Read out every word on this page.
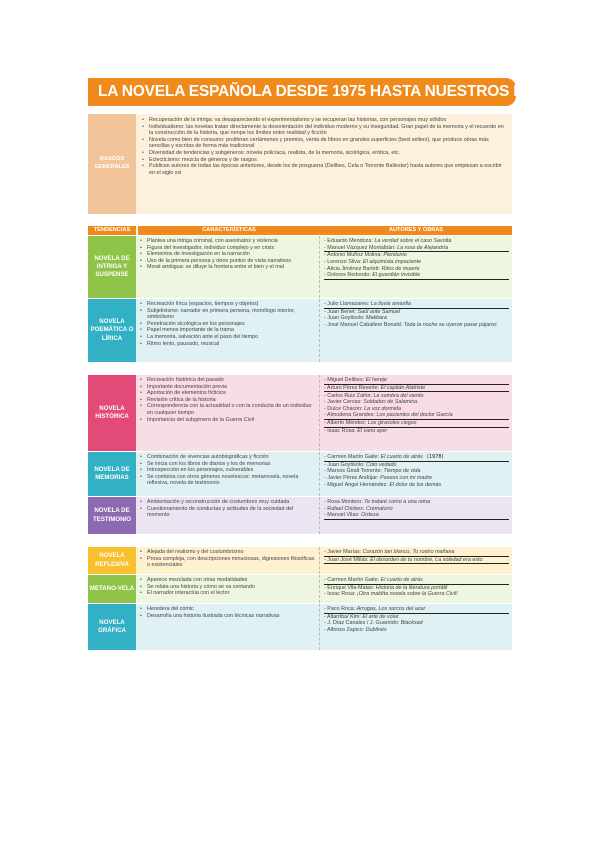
LA NOVELA ESPAÑOLA DESDE 1975 HASTA NUESTROS DÍAS
RASGOS GENERALES
• Recuperación de la intriga: va desapareciendo el experimentalismo y se recuperan las historias, con personajes muy sólidos
• Individualismo: las novelas tratan directamente la desorientación del individuo moderno y su inseguridad. Gran papel de la memoria y el recuerdo en la construcción de la historia, que rompe los límites entre realidad y ficción
• Novela como bien de consumo: proliferan certámenes y premios, venta de libros en grandes superficies (best sellers), que produce obras más sencillas y escritas de forma más tradicional
• Diversidad de tendencias y subgéneros: novela policíaca, realista, de la memoria, sicológica, erótica, etc.
• Eclecticismo: mezcla de géneros y de rasgos
• Publican autores de todas las épocas anteriores, desde los de posguerra (Delibes, Cela o Torrente Ballester) hasta autores que empiezan a escribir en el siglo xxi
TENDENCIAS	CARACTERÍSTICAS	AUTORES Y OBRAS
NOVELA DE INTRIGA Y SUSPENSE
• Plantea una intriga criminal, con asesinatos y violencia
• Figura del investigador, individuo complejo y en crisis
• Elementos de investigación en la narración
• Uso de la primera persona y otros puntos de vista narrativos
• Moral ambigua: se diluye la frontera entre el bien y el mal

- Eduardo Mendoza: La verdad sobre el caso Savolta

- Manuel Vázquez Montalbán: La rosa de Alejandría

- Antonio Muñoz Molina: Plenilunio

- Lorenzo Silva: El alquimista impaciente

- Alicia Jiménez Barlett: Ritos de muerte

- Dolores Redondo: El guardián invisible

NOVELA POEMÁTICA O LÍRICA
• Recreación lírica (espacios, tiempos y objetos)
• Subjetivismo: narrador en primera persona, monólogo interior, simbolismo
• Penetración sicológica en los personajes
• Papel menos importante de la trama
• La memoria, salvación ante el paso del tiempo
• Ritmo lento, pausado, musical

- Julio Llamazares: La lluvia amarilla

- Juan Benet: Saúl ante Samuel

- Juan Goytisolo: Makbara

- José Manuel Caballero Bonald: Toda la noche se oyeron pasar pájaros

NOVELA HISTÓRICA
• Recreación histórica del pasado
• Importante documentación previa
• Aportación de elementos ficticios
• Revisión crítica de la historia
• Correspondencia con la actualidad o con la conducta de un individuo en cualquier tiempo
• Importancia del subgénero de la Guerra Civil

- Miguel Delibes: El hereje

- Arturo Pérez Reverte: El capitán Alatriste

- Carlos Ruiz Zafón: La sombra del viento

- Javier Cercas: Soldados de Salamina

- Dulce Chacón: La voz dormida

- Almudena Grandes: Los pacientes del doctor García

- Alberto Méndez: Los girasoles ciegos

- Isaac Rosa: El vano ayer

NOVELA DE MEMORIAS
• Combinación de vivencias autobiográficas y ficción
• Se inicia con los libros de diarios y los de memorias
• Introspección en los personajes, vulnerables
• Se combina con otros géneros novelescos: metanovela, novela reflexiva, novela de testimonio

- Carmen Martín Gaite: El cuarto de atrás (1978)

- Juan Goytisolo: Coto vedado

- Marcos Giralt Torrente: Tiempo de vida

- Javier Pérez Andújar: Paseos con mi madre

- Miguel Ángel Hernández: El dolor de los demás

NOVELA DE TESTIMONIO
• Ambientación y reconstrucción de costumbres muy cuidada
• Cuestionamiento de conductas y actitudes de la sociedad del momento

- Rosa Montero: Te trataré como a una reina

- Rafael Chirbes: Crematorio

- Manuel Vilas: Ordesa

NOVELA REFLEXIVA
• Alejada del realismo y del costumbrismo
• Prosa compleja, con descripciones minuciosas, digresiones filosóficas o existenciales

- Javier Marías: Corazón tan blanco, Tu rostro mañana

- Juan José Millás: El desorden de tu nombre, La soledad era esto

METANO-VELA
• Aparece mezclada con otras modalidades
• Se relata una historia y cómo se va contando
• El narrador interactúa con el lector

- Carmen Martín Gaite: El cuarto de atrás

- Enrique Vila-Matas: Historia de la literatura portátil

- Issac Rosa: ¡Otra maldita novela sobre la Guerra Civil!

NOVELA GRÁFICA
• Heredera del cómic
• Desarrolla una historia ilustrada con técnicas narrativas

- Paco Roca: Arrugas, Los surcos del azar

- Altarriba/ Kim: El arte de volar

- J. Díaz Canales / J. Guarnido: Blacksad

- Alfonso Zapico: Dublinés
